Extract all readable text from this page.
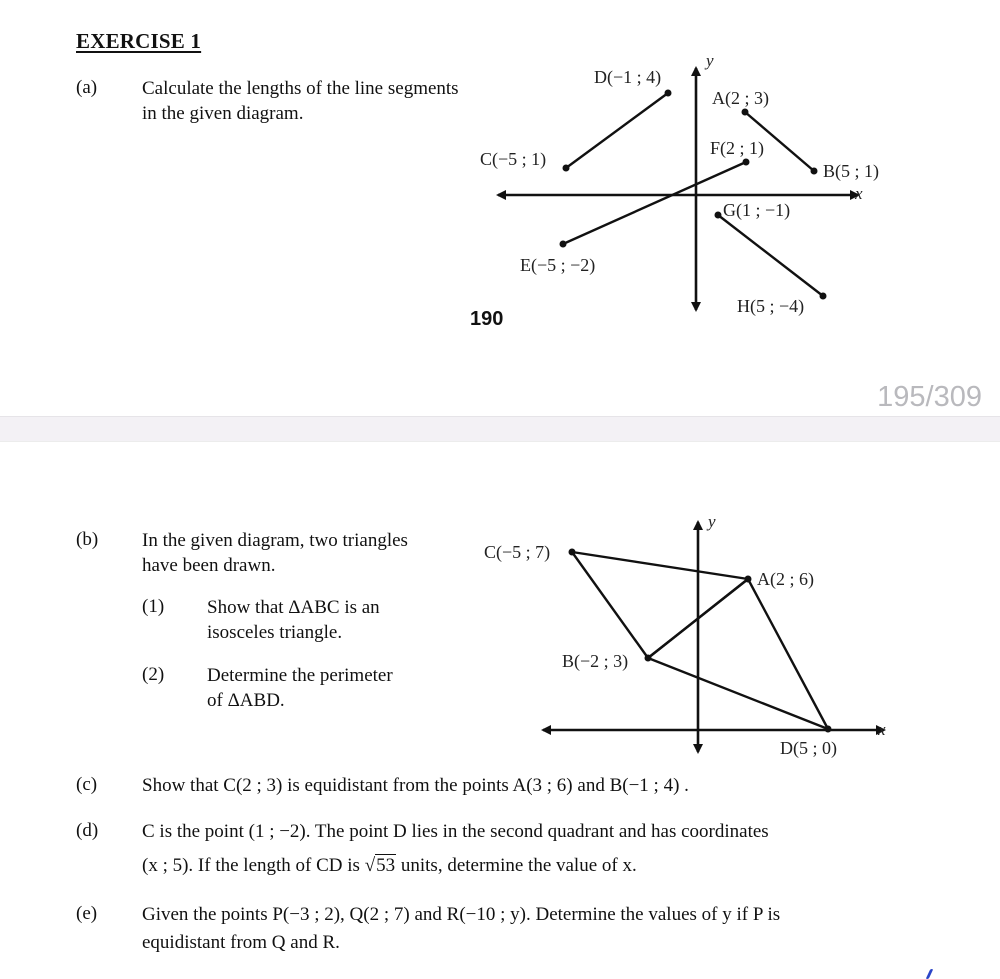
EXERCISE 1
(a) Calculate the lengths of the line segments
in the given diagram.
y
x
D(−1 ; 4)
C(−5 ; 1)
A(2 ; 3)
B(5 ; 1)
F(2 ; 1)
E(−5 ; −2)
G(1 ; −1)
H(5 ; −4)
190
195/309
(b) In the given diagram, two triangles
have been drawn.
(1) Show that ΔABC is an
isosceles triangle.
(2) Determine the perimeter
of ΔABD.
y
x
C(−5 ; 7)
A(2 ; 6)
B(−2 ; 3)
D(5 ; 0)
(c) Show that C(2 ; 3) is equidistant from the points A(3 ; 6) and B(−1 ; 4) .
(d) C is the point (1 ; −2). The point D lies in the second quadrant and has coordinates
(x ; 5). If the length of CD is √53 units, determine the value of x.
(e) Given the points P(−3 ; 2), Q(2 ; 7) and R(−10 ; y). Determine the values of y if P is
equidistant from Q and R.
